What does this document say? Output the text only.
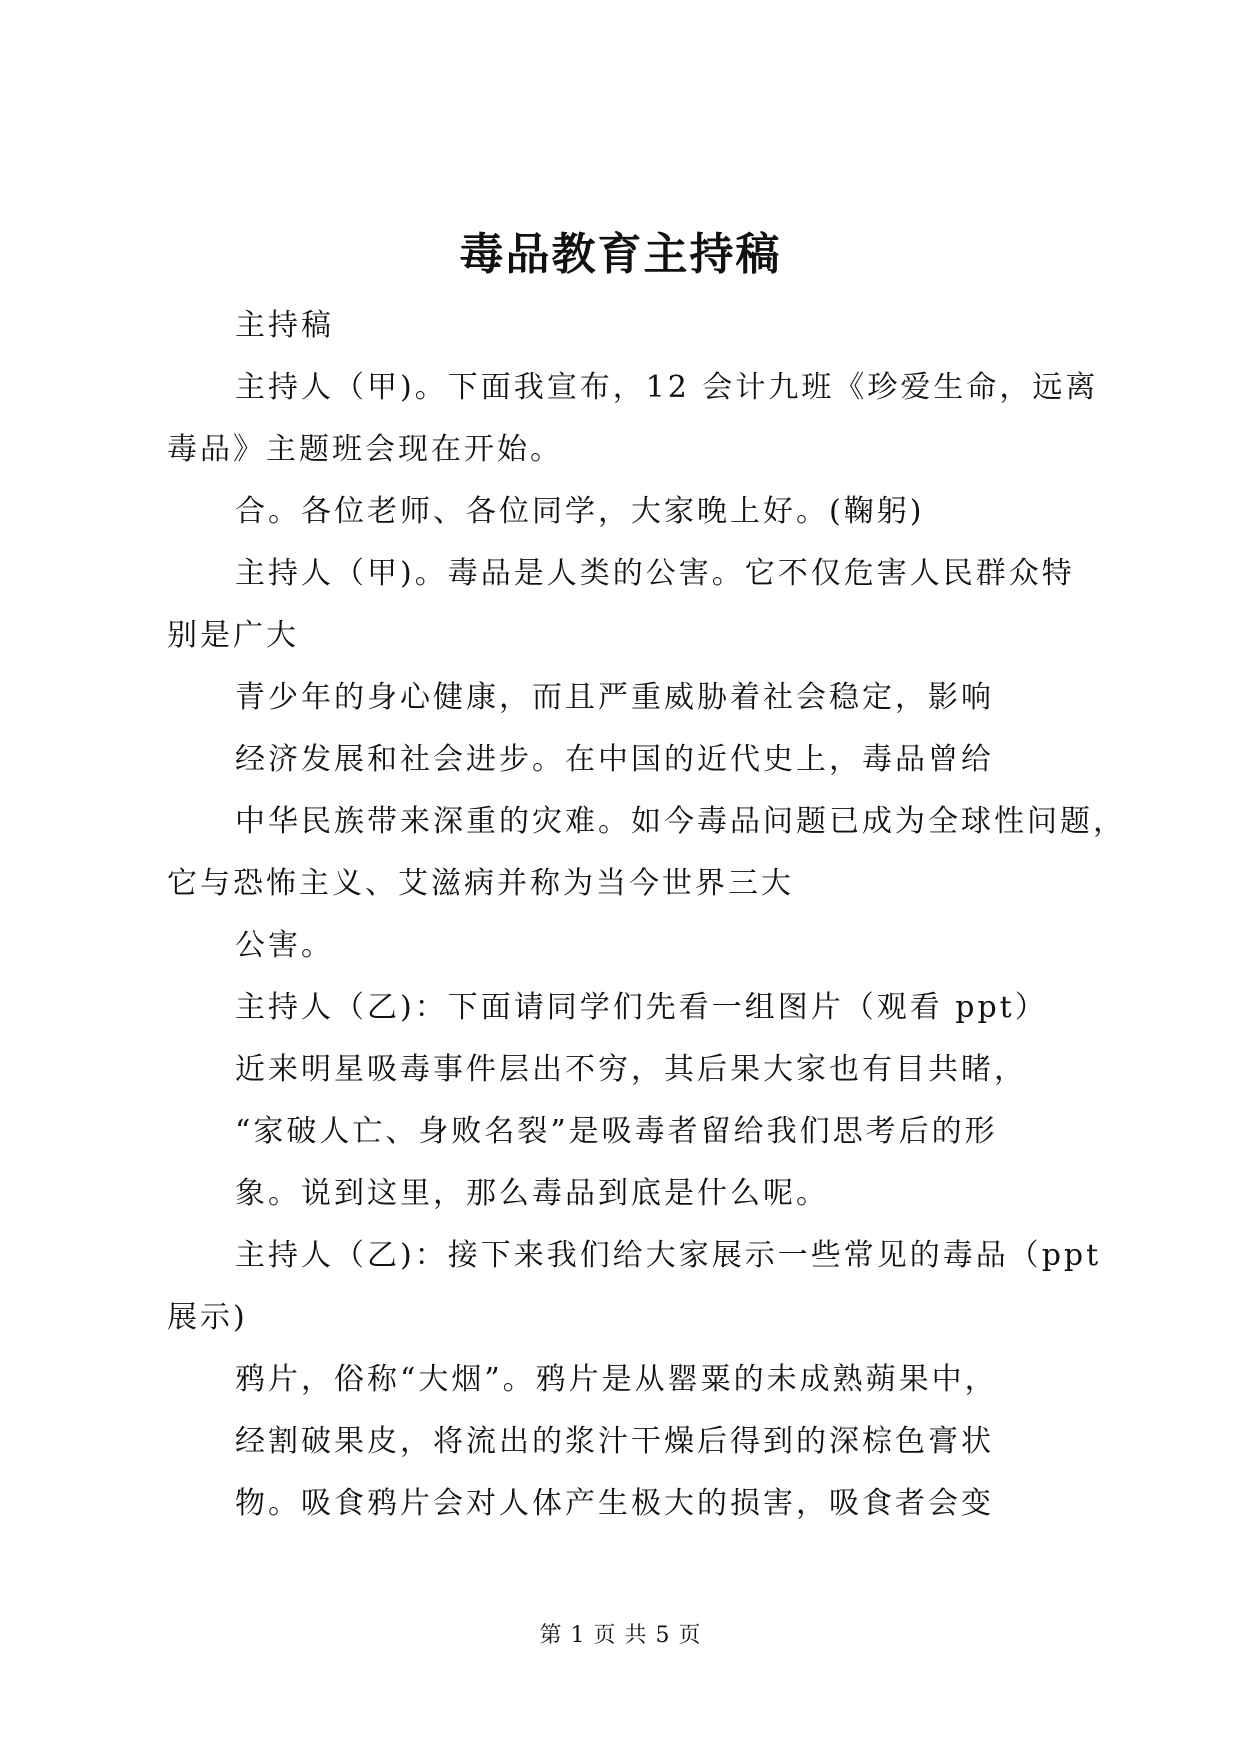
毒品教育主持稿

主持稿
主持人（甲)。下面我宣布，12 会计九班《珍爱生命，远离
毒品》主题班会现在开始。
合。各位老师、各位同学，大家晚上好。(鞠躬)
主持人（甲)。毒品是人类的公害。它不仅危害人民群众特
别是广大
青少年的身心健康，而且严重威胁着社会稳定，影响
经济发展和社会进步。在中国的近代史上，毒品曾给
中华民族带来深重的灾难。如今毒品问题已成为全球性问题，
它与恐怖主义、艾滋病并称为当今世界三大
公害。
主持人（乙)：下面请同学们先看一组图片（观看 ppt）
近来明星吸毒事件层出不穷，其后果大家也有目共睹，
“家破人亡、身败名裂”是吸毒者留给我们思考后的形
象。说到这里，那么毒品到底是什么呢。
主持人（乙)：接下来我们给大家展示一些常见的毒品（ppt
展示)
鸦片，俗称“大烟”。鸦片是从罂粟的未成熟蒴果中，
经割破果皮，将流出的浆汁干燥后得到的深棕色膏状
物。吸食鸦片会对人体产生极大的损害，吸食者会变

第 1 页 共 5 页
